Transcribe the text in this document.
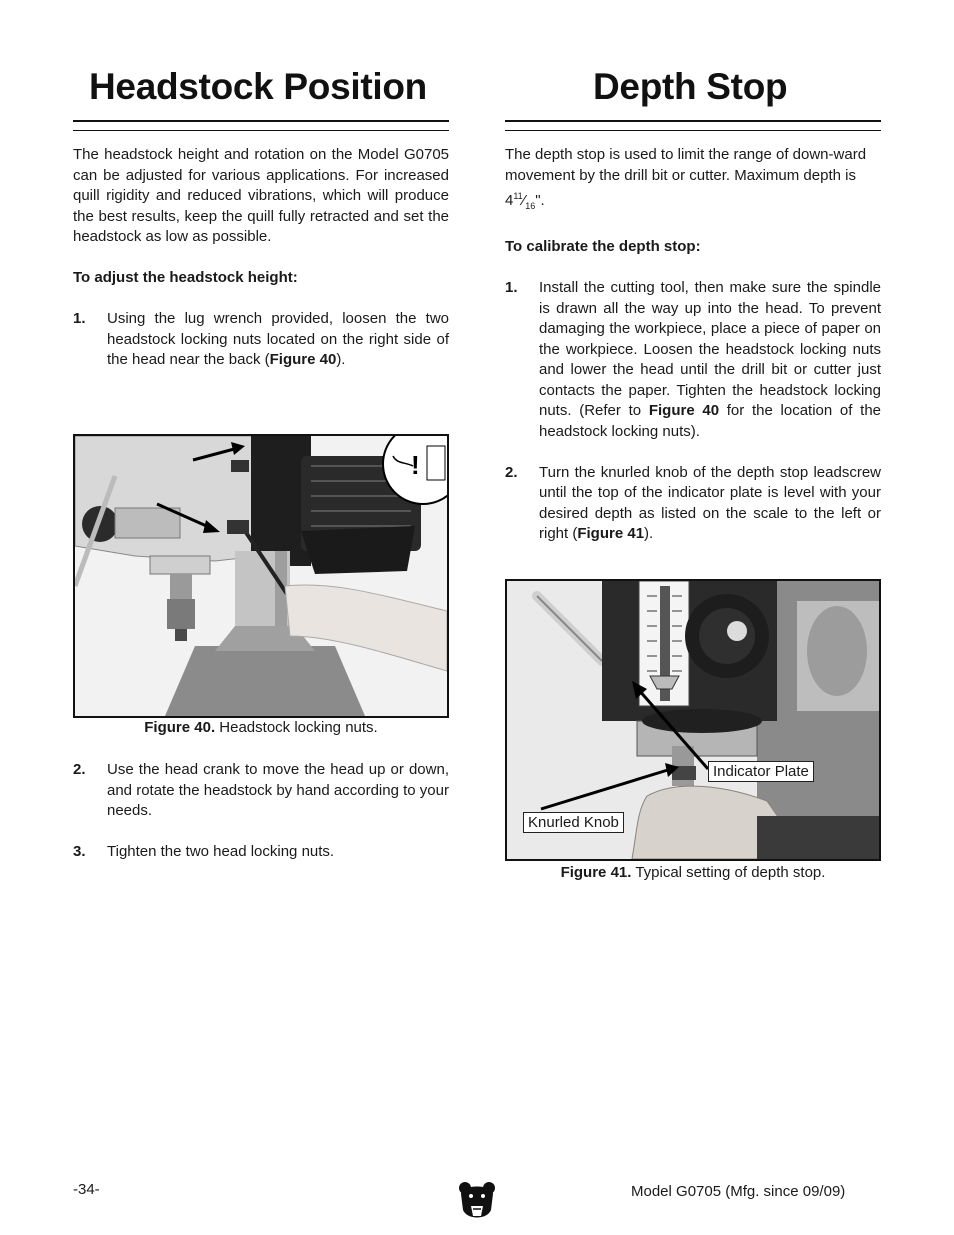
Headstock Position

The headstock height and rotation on the Model G0705 can be adjusted for various applications. For increased quill rigidity and reduced vibrations, which will produce the best results, keep the quill fully retracted and set the headstock as low as possible.

To adjust the headstock height:

1. Using the lug wrench provided, loosen the two headstock locking nuts located on the right side of the head near the back (Figure 40).
!
Figure 40. Headstock locking nuts.
2. Use the head crank to move the head up or down, and rotate the headstock by hand according to your needs.
3. Tighten the two head locking nuts.
Depth Stop

The depth stop is used to limit the range of down-ward movement by the drill bit or cutter. Maximum depth is $4^{11}⁄_{16}$".

To calibrate the depth stop:

1. Install the cutting tool, then make sure the spindle is drawn all the way up into the head. To prevent damaging the workpiece, place a piece of paper on the workpiece. Loosen the headstock locking nuts and lower the head until the drill bit or cutter just contacts the paper. Tighten the headstock locking nuts. (Refer to Figure 40 for the location of the headstock locking nuts).
2. Turn the knurled knob of the depth stop leadscrew until the top of the indicator plate is level with your desired depth as listed on the scale to the left or right (Figure 41).
Indicator Plate
Knurled Knob
Figure 41. Typical setting of depth stop.
-34-	Model G0705 (Mfg. since 09/09)
